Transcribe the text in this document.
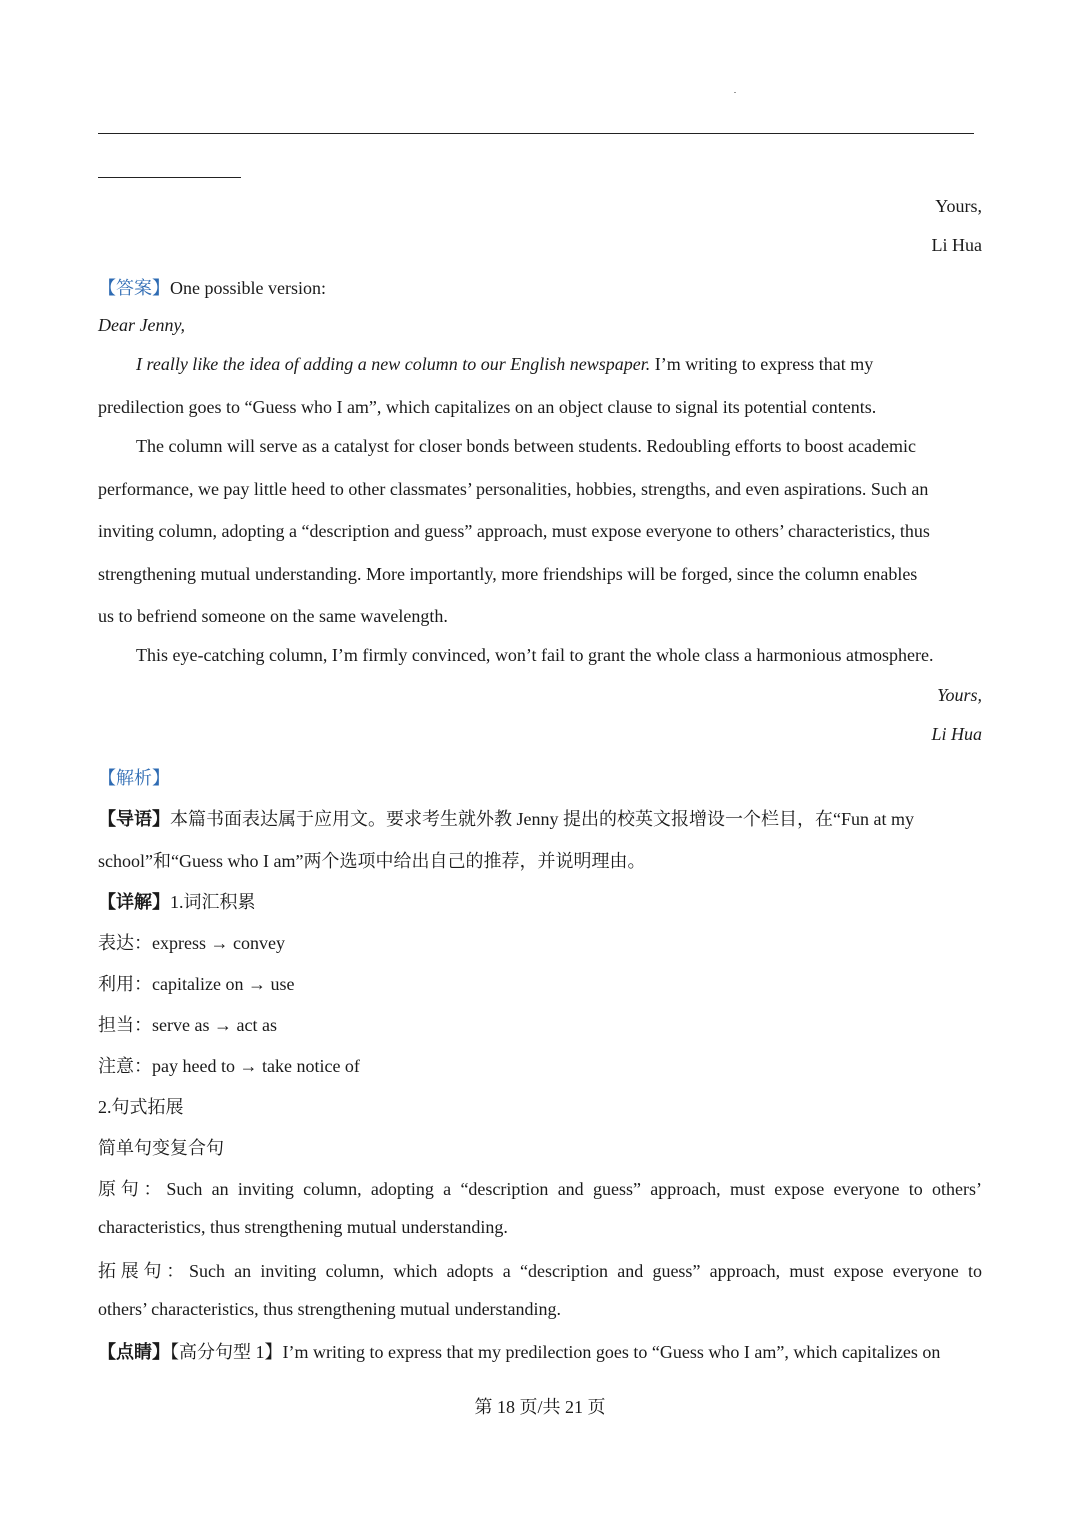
Yours,
Li Hua
【答案】One possible version:
Dear Jenny,
I really like the idea of adding a new column to our English newspaper. I’m writing to express that my
predilection goes to “Guess who I am”, which capitalizes on an object clause to signal its potential contents.
The column will serve as a catalyst for closer bonds between students. Redoubling efforts to boost academic
performance, we pay little heed to other classmates’ personalities, hobbies, strengths, and even aspirations. Such an
inviting column, adopting a “description and guess” approach, must expose everyone to others’ characteristics, thus
strengthening mutual understanding. More importantly, more friendships will be forged, since the column enables
us to befriend someone on the same wavelength.
This eye-catching column, I’m firmly convinced, won’t fail to grant the whole class a harmonious atmosphere.
Yours,
Li Hua
【解析】
【导语】本篇书面表达属于应用文。要求考生就外教 Jenny 提出的校英文报增设一个栏目，在“Fun at my
school”和“Guess who I am”两个选项中给出自己的推荐，并说明理由。
【详解】1.词汇积累
表达：express → convey
利用：capitalize on → use
担当：serve as → act as
注意：pay heed to → take notice of
2.句式拓展
简单句变复合句
原句：Such an inviting column, adopting a “description and guess” approach, must expose everyone to others’
characteristics, thus strengthening mutual understanding.
拓展句：Such an inviting column, which adopts a “description and guess” approach, must expose everyone to
others’ characteristics, thus strengthening mutual understanding.
【点睛】【高分句型 1】I’m writing to express that my predilection goes to “Guess who I am”, which capitalizes on
第 18 页/共 21 页
